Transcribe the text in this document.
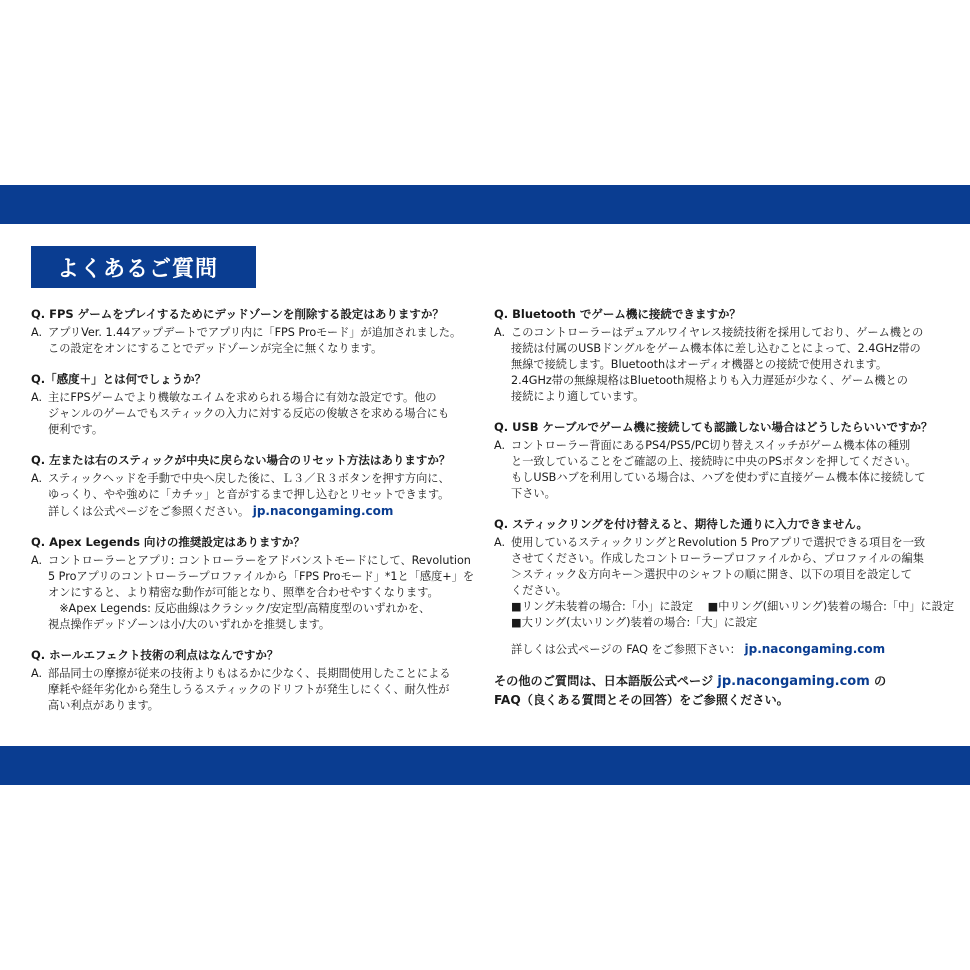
よくあるご質問
Q. FPS ゲームをプレイするためにデッドゾーンを削除する設定はありますか？
A. アプリVer. 1.44アップデートでアプリ内に「FPS Proモード」が追加されました。

この設定をオンにすることでデッドゾーンが完全に無くなります。

Q.「感度＋」とは何でしょうか？
A. 主にFPSゲームでより機敏なエイムを求められる場合に有効な設定です。他の

ジャンルのゲームでもスティックの入力に対する反応の俊敏さを求める場合にも

便利です。

Q. 左または右のスティックが中央に戻らない場合のリセット方法はありますか？
A. スティックヘッドを手動で中央へ戻した後に、Ｌ３／Ｒ３ボタンを押す方向に、

ゆっくり、やや強めに「カチッ」と音がするまで押し込むとリセットできます。

詳しくは公式ページをご参照ください。 jp.nacongaming.com

Q. Apex Legends 向けの推奨設定はありますか？
A. コントローラーとアプリ: コントローラーをアドバンストモードにして、Revolution

5 Proアプリのコントローラープロファイルから「FPS Proモード」*1と「感度+」を

オンにすると、より精密な動作が可能となり、照準を合わせやすくなります。

　※Apex Legends: 反応曲線はクラシック/安定型/高精度型のいずれかを、

視点操作デッドゾーンは小/大のいずれかを推奨します。

Q. ホールエフェクト技術の利点はなんですか？
A. 部品同士の摩擦が従来の技術よりもはるかに少なく、長期間使用したことによる

摩耗や経年劣化から発生しうるスティックのドリフトが発生しにくく、耐久性が

高い利点があります。

Q. Bluetooth でゲーム機に接続できますか？
A. このコントローラーはデュアルワイヤレス接続技術を採用しており、ゲーム機との

接続は付属のUSBドングルをゲーム機本体に差し込むことによって、2.4GHz帯の

無線で接続します。Bluetoothはオーディオ機器との接続で使用されます。

2.4GHz帯の無線規格はBluetooth規格よりも入力遅延が少なく、ゲーム機との

接続により適しています。

Q. USB ケーブルでゲーム機に接続しても認識しない場合はどうしたらいいですか？
A. コントローラー背面にあるPS4/PS5/PC切り替えスイッチがゲーム機本体の種別

と一致していることをご確認の上、接続時に中央のPSボタンを押してください。

もしUSBハブを利用している場合は、ハブを使わずに直接ゲーム機本体に接続して

下さい。

Q. スティックリングを付け替えると、期待した通りに入力できません。
A. 使用しているスティックリングとRevolution 5 Proアプリで選択できる項目を一致

させてください。作成したコントローラープロファイルから、プロファイルの編集

＞スティック＆方向キー＞選択中のシャフトの順に開き、以下の項目を設定して

ください。

■リング未装着の場合:「小」に設定　 ■中リング(細いリング)装着の場合:「中」に設定

■大リング(太いリング)装着の場合:「大」に設定

詳しくは公式ページの FAQ をご参照下さい： jp.nacongaming.com
その他のご質問は、日本語版公式ページ jp.nacongaming.com の
FAQ（良くある質問とその回答）をご参照ください。
